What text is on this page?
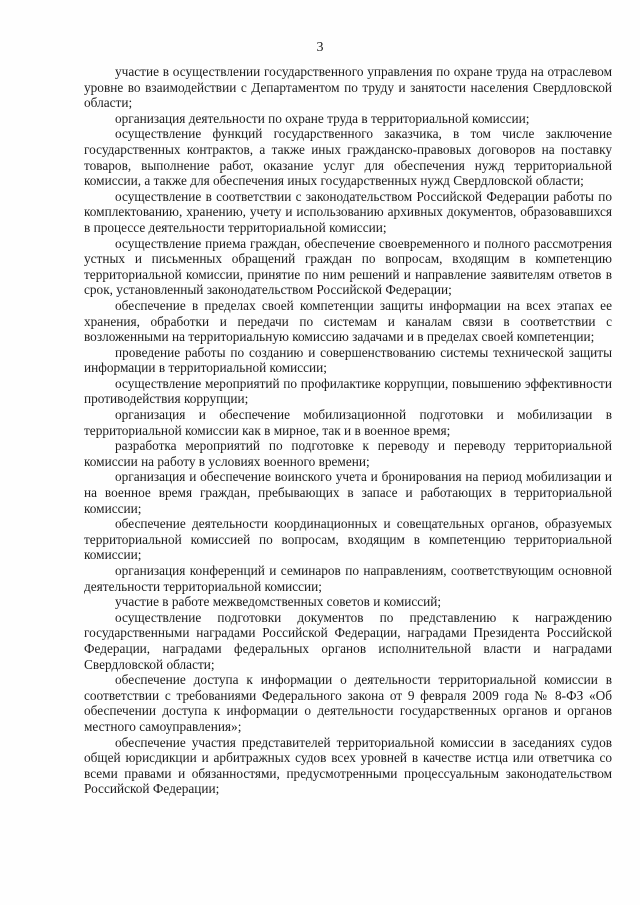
3

участие в осуществлении государственного управления по охране труда на отраслевом уровне во взаимодействии с Департаментом по труду и занятости населения Свердловской области;

организация деятельности по охране труда в территориальной комиссии;

осуществление функций государственного заказчика, в том числе заключение государственных контрактов, а также иных гражданско-правовых договоров на поставку товаров, выполнение работ, оказание услуг для обеспечения нужд территориальной комиссии, а также для обеспечения иных государственных нужд Свердловской области;

осуществление в соответствии с законодательством Российской Федерации работы по комплектованию, хранению, учету и использованию архивных документов, образовавшихся в процессе деятельности территориальной комиссии;

осуществление приема граждан, обеспечение своевременного и полного рассмотрения устных и письменных обращений граждан по вопросам, входящим в компетенцию территориальной комиссии, принятие по ним решений и направление заявителям ответов в срок, установленный законодательством Российской Федерации;

обеспечение в пределах своей компетенции защиты информации на всех этапах ее хранения, обработки и передачи по системам и каналам связи в соответствии с возложенными на территориальную комиссию задачами и в пределах своей компетенции;

проведение работы по созданию и совершенствованию системы технической защиты информации в территориальной комиссии;

осуществление мероприятий по профилактике коррупции, повышению эффективности противодействия коррупции;

организация и обеспечение мобилизационной подготовки и мобилизации в территориальной комиссии как в мирное, так и в военное время;

разработка мероприятий по подготовке к переводу и переводу территориальной комиссии на работу в условиях военного времени;

организация и обеспечение воинского учета и бронирования на период мобилизации и на военное время граждан, пребывающих в запасе и работающих в территориальной комиссии;

обеспечение деятельности координационных и совещательных органов, образуемых территориальной комиссией по вопросам, входящим в компетенцию территориальной комиссии;

организация конференций и семинаров по направлениям, соответствующим основной деятельности территориальной комиссии;

участие в работе межведомственных советов и комиссий;

осуществление подготовки документов по представлению к награждению государственными наградами Российской Федерации, наградами Президента Российской Федерации, наградами федеральных органов исполнительной власти и наградами Свердловской области;

обеспечение доступа к информации о деятельности территориальной комиссии в соответствии с требованиями Федерального закона от 9 февраля 2009 года № 8-ФЗ «Об обеспечении доступа к информации о деятельности государственных органов и органов местного самоуправления»;

обеспечение участия представителей территориальной комиссии в заседаниях судов общей юрисдикции и арбитражных судов всех уровней в качестве истца или ответчика со всеми правами и обязанностями, предусмотренными процессуальным законодательством Российской Федерации;
